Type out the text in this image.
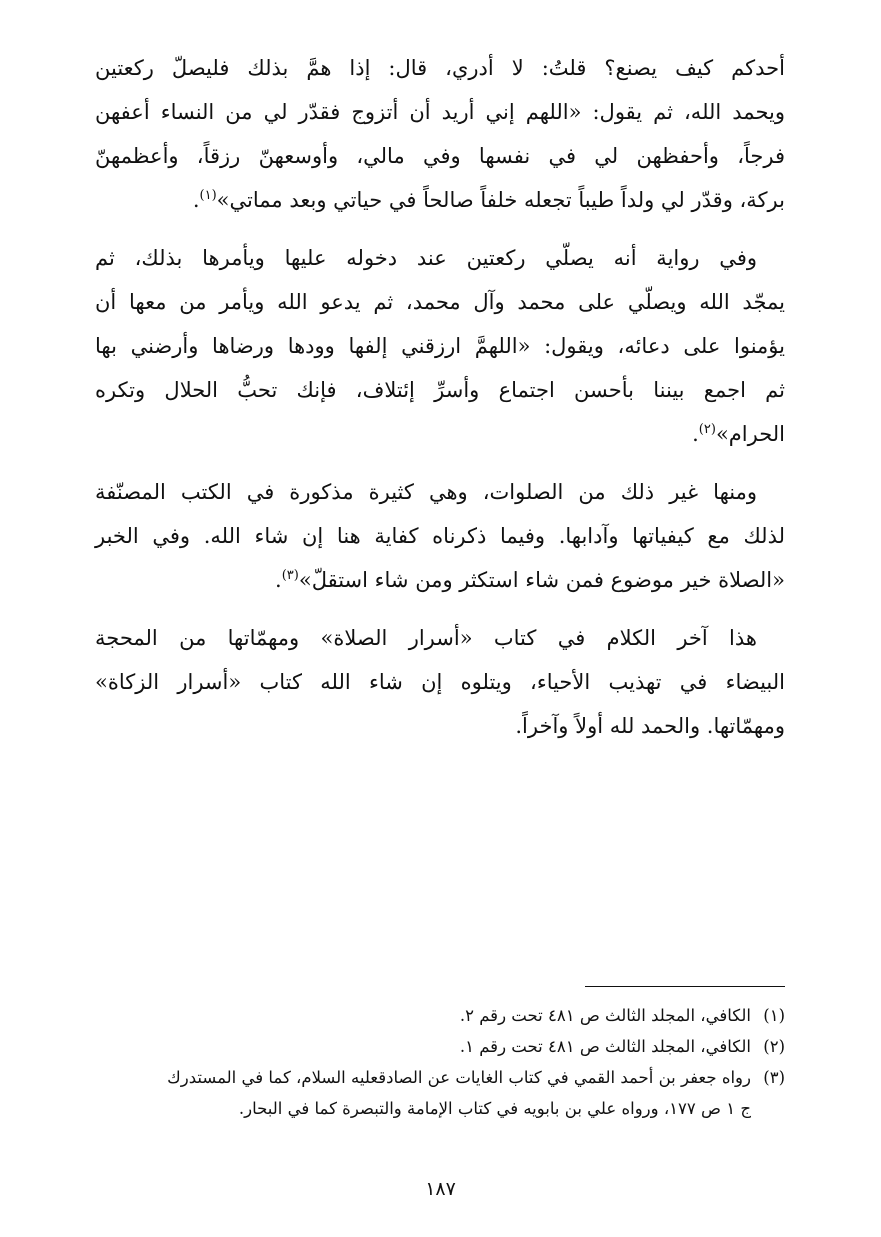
أحدكم كيف يصنع؟ قلتُ: لا أدري، قال: إذا همَّ بذلك فليصلّ ركعتين
ويحمد الله، ثم يقول: «اللهم إني أريد أن أتزوج فقدّر لي من النساء أعفهن
فرجاً، وأحفظهن لي في نفسها وفي مالي، وأوسعهنّ رزقاً، وأعظمهنّ
بركة، وقدّر لي ولداً طيباً تجعله خلفاً صالحاً في حياتي وبعد مماتي»$^{(١)}$.

وفي رواية أنه يصلّي ركعتين عند دخوله عليها ويأمرها بذلك، ثم
يمجّد الله ويصلّي على محمد وآل محمد، ثم يدعو الله ويأمر من معها أن
يؤمنوا على دعائه، ويقول: «اللهمَّ ارزقني إلفها وودها ورضاها وأرضني بها
ثم اجمع بيننا بأحسن اجتماع وأسرِّ إئتلاف، فإنك تحبُّ الحلال وتكره
الحرام»$^{(٢)}$.

ومنها غير ذلك من الصلوات، وهي كثيرة مذكورة في الكتب المصنّفة
لذلك مع كيفياتها وآدابها. وفيما ذكرناه كفاية هنا إن شاء الله. وفي الخبر
«الصلاة خير موضوع فمن شاء استكثر ومن شاء استقلّ»$^{(٣)}$.

هذا آخر الكلام في كتاب «أسرار الصلاة» ومهمّاتها من المحجة
البيضاء في تهذيب الأحياء، ويتلوه إن شاء الله كتاب «أسرار الزكاة»
ومهمّاتها. والحمد لله أولاً وآخراً.

(١)الكافي، المجلد الثالث ص ٤٨١ تحت رقم ٢.
(٢)الكافي، المجلد الثالث ص ٤٨١ تحت رقم ١.
(٣)رواه جعفر بن أحمد القمي في كتاب الغايات عن الصادقعليه السلام، كما في المستدرك
ج ١ ص ١٧٧، ورواه علي بن بابويه في كتاب الإمامة والتبصرة كما في البحار.
١٨٧
